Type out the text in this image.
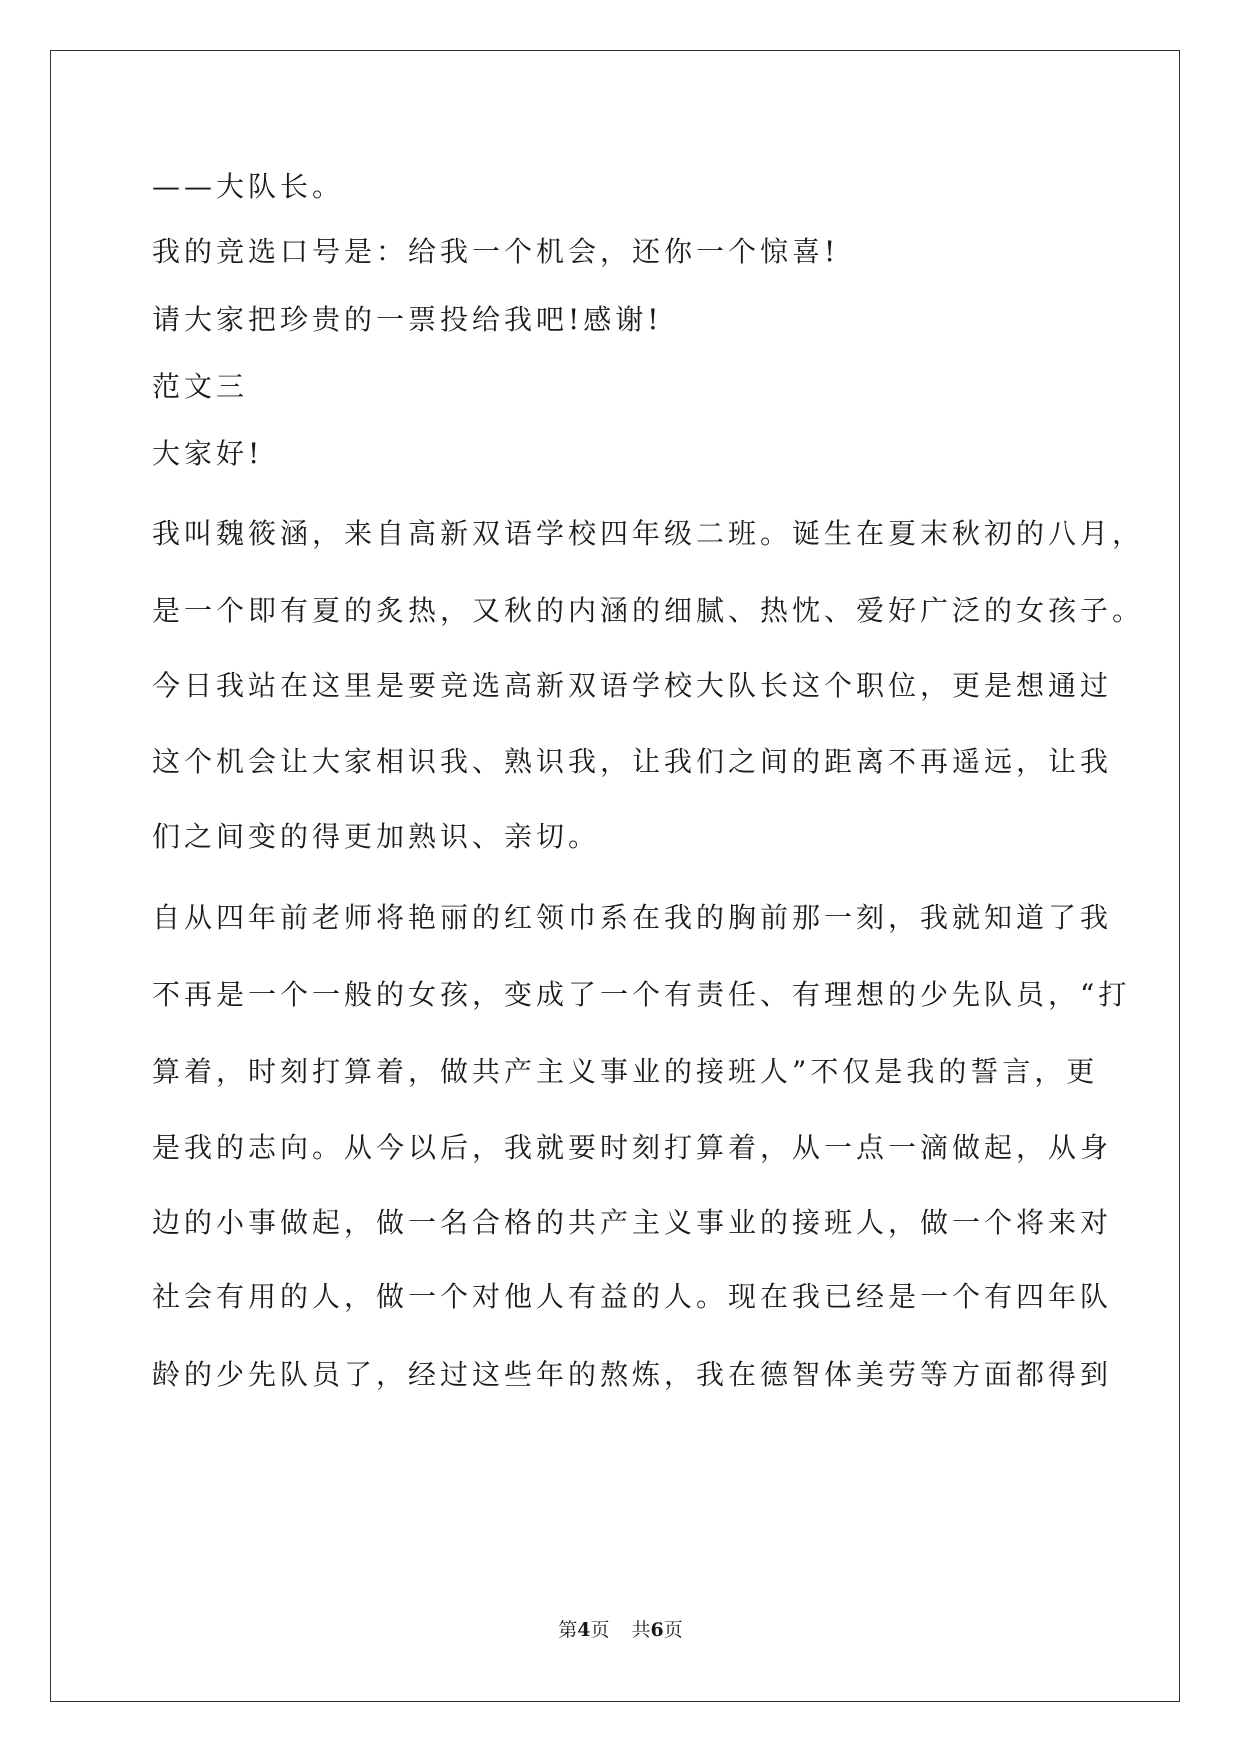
——大队长。
我的竞选口号是：给我一个机会，还你一个惊喜!
请大家把珍贵的一票投给我吧!感谢!
范文三
大家好!
我叫魏筱涵，来自高新双语学校四年级二班。诞生在夏末秋初的八月，
是一个即有夏的炙热，又秋的内涵的细腻、热忱、爱好广泛的女孩子。
今日我站在这里是要竞选高新双语学校大队长这个职位，更是想通过
这个机会让大家相识我、熟识我，让我们之间的距离不再遥远，让我
们之间变的得更加熟识、亲切。
自从四年前老师将艳丽的红领巾系在我的胸前那一刻，我就知道了我
不再是一个一般的女孩，变成了一个有责任、有理想的少先队员，“打
算着，时刻打算着，做共产主义事业的接班人”不仅是我的誓言，更
是我的志向。从今以后，我就要时刻打算着，从一点一滴做起，从身
边的小事做起，做一名合格的共产主义事业的接班人，做一个将来对
社会有用的人，做一个对他人有益的人。现在我已经是一个有四年队
龄的少先队员了，经过这些年的熬炼，我在德智体美劳等方面都得到
第4页 共6页
